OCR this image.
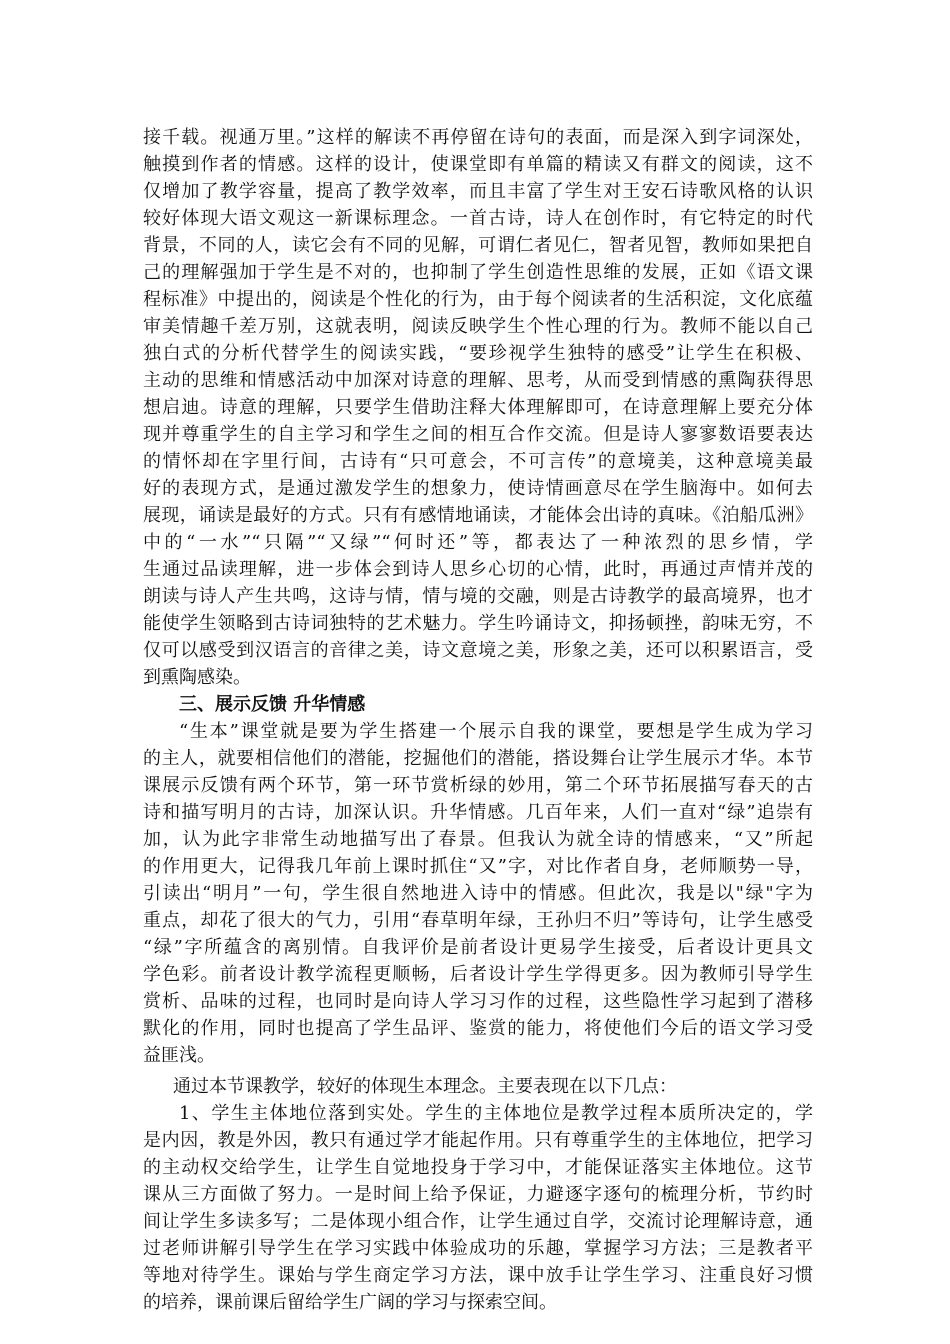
接千载。视通万里。”这样的解读不再停留在诗句的表面，而是深入到字词深处，
触摸到作者的情感。这样的设计，使课堂即有单篇的精读又有群文的阅读，这不
仅增加了教学容量，提高了教学效率，而且丰富了学生对王安石诗歌风格的认识
较好体现大语文观这一新课标理念。一首古诗，诗人在创作时，有它特定的时代
背景，不同的人，读它会有不同的见解，可谓仁者见仁，智者见智，教师如果把自
己的理解强加于学生是不对的，也抑制了学生创造性思维的发展，正如《语文课
程标准》中提出的，阅读是个性化的行为，由于每个阅读者的生活积淀，文化底蕴
审美情趣千差万别，这就表明，阅读反映学生个性心理的行为。教师不能以自己
独白式的分析代替学生的阅读实践，“要珍视学生独特的感受”让学生在积极、
主动的思维和情感活动中加深对诗意的理解、思考，从而受到情感的熏陶获得思
想启迪。诗意的理解，只要学生借助注释大体理解即可，在诗意理解上要充分体
现并尊重学生的自主学习和学生之间的相互合作交流。但是诗人寥寥数语要表达
的情怀却在字里行间，古诗有“只可意会，不可言传”的意境美，这种意境美最
好的表现方式，是通过激发学生的想象力，使诗情画意尽在学生脑海中。如何去
展现，诵读是最好的方式。只有有感情地诵读，才能体会出诗的真味。《泊船瓜洲》
中的“一水”“只隔”“又绿”“何时还”等，都表达了一种浓烈的思乡情，学
生通过品读理解，进一步体会到诗人思乡心切的心情，此时，再通过声情并茂的
朗读与诗人产生共鸣，这诗与情，情与境的交融，则是古诗教学的最高境界，也才
能使学生领略到古诗词独特的艺术魅力。学生吟诵诗文，抑扬顿挫，韵味无穷，不
仅可以感受到汉语言的音律之美，诗文意境之美，形象之美，还可以积累语言，受
到熏陶感染。
三、展示反馈 升华情感
“生本”课堂就是要为学生搭建一个展示自我的课堂，要想是学生成为学习
的主人，就要相信他们的潜能，挖掘他们的潜能，搭设舞台让学生展示才华。本节
课展示反馈有两个环节，第一环节赏析绿的妙用，第二个环节拓展描写春天的古
诗和描写明月的古诗，加深认识。升华情感。几百年来，人们一直对“绿”追崇有
加，认为此字非常生动地描写出了春景。但我认为就全诗的情感来，“又”所起
的作用更大，记得我几年前上课时抓住“又”字，对比作者自身，老师顺势一导，
引读出“明月”一句，学生很自然地进入诗中的情感。但此次，我是以"绿"字为
重点，却花了很大的气力，引用“春草明年绿，王孙归不归”等诗句，让学生感受
“绿”字所蕴含的离别情。自我评价是前者设计更易学生接受，后者设计更具文
学色彩。前者设计教学流程更顺畅，后者设计学生学得更多。因为教师引导学生
赏析、品味的过程，也同时是向诗人学习习作的过程，这些隐性学习起到了潜移
默化的作用，同时也提高了学生品评、鉴赏的能力，将使他们今后的语文学习受
益匪浅。
通过本节课教学，较好的体现生本理念。主要表现在以下几点：
1、学生主体地位落到实处。学生的主体地位是教学过程本质所决定的，学
是内因，教是外因，教只有通过学才能起作用。只有尊重学生的主体地位，把学习
的主动权交给学生，让学生自觉地投身于学习中，才能保证落实主体地位。这节
课从三方面做了努力。一是时间上给予保证，力避逐字逐句的梳理分析，节约时
间让学生多读多写；二是体现小组合作，让学生通过自学，交流讨论理解诗意，通
过老师讲解引导学生在学习实践中体验成功的乐趣，掌握学习方法；三是教者平
等地对待学生。课始与学生商定学习方法，课中放手让学生学习、注重良好习惯
的培养，课前课后留给学生广阔的学习与探索空间。
